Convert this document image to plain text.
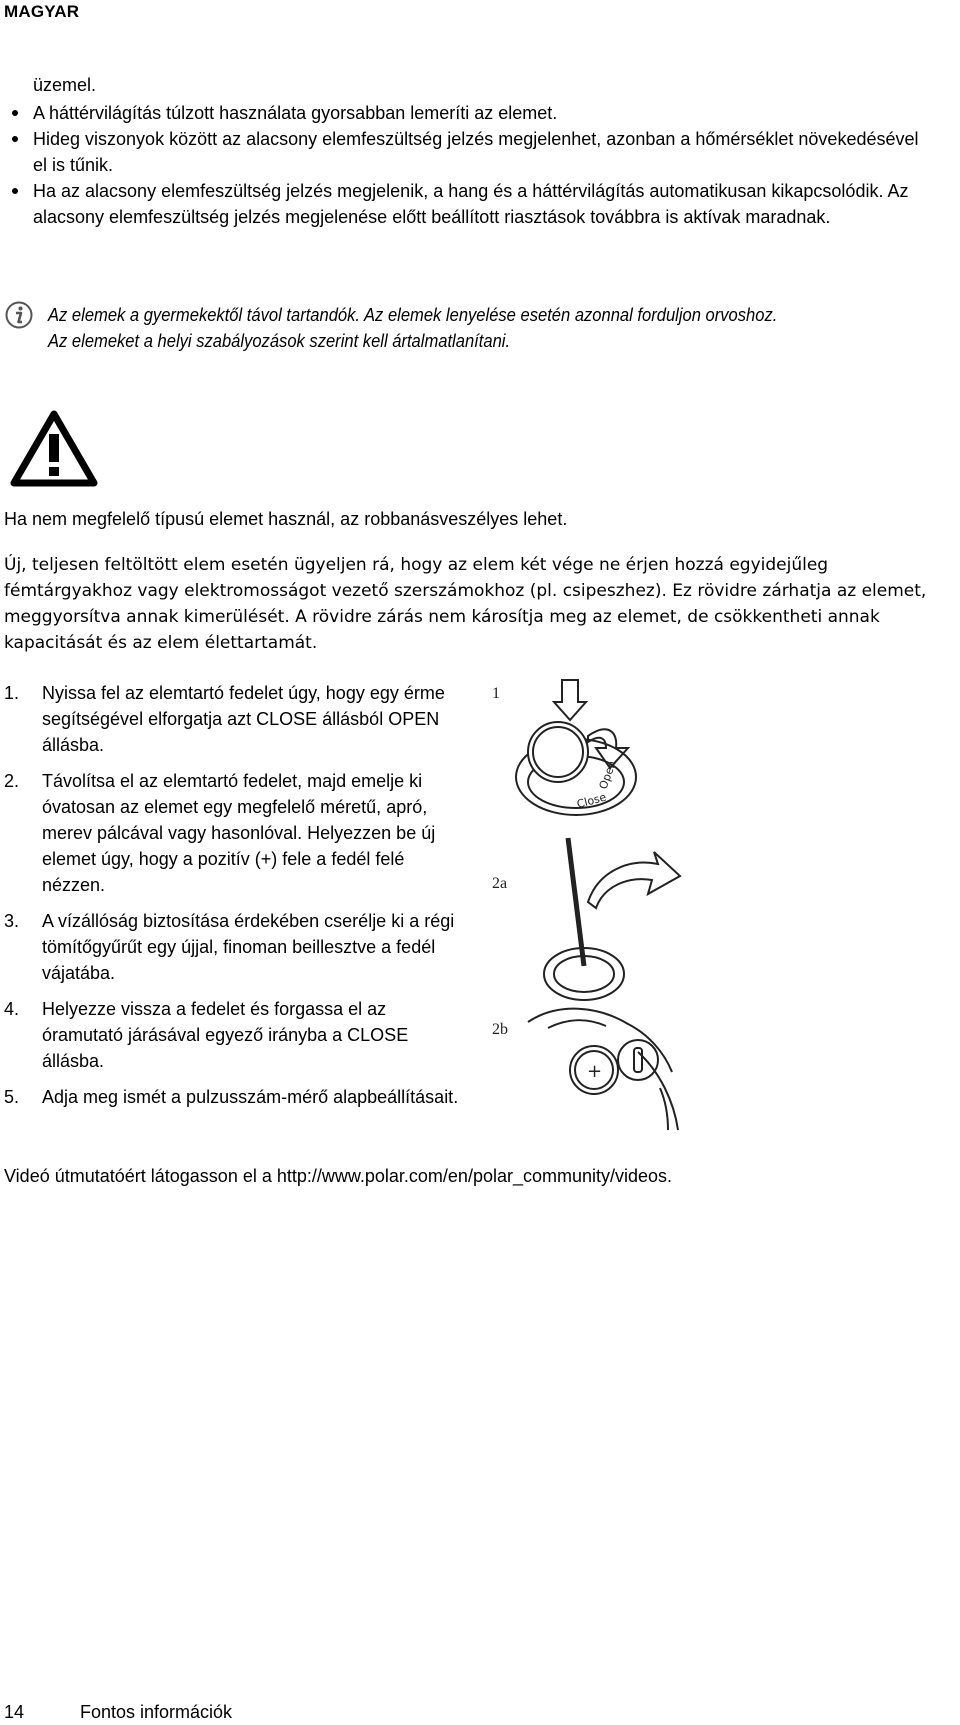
MAGYAR
üzemel.
A háttérvilágítás túlzott használata gyorsabban lemeríti az elemet.
Hideg viszonyok között az alacsony elemfeszültség jelzés megjelenhet, azonban a hőmérséklet növekedésével el is tűnik.
Ha az alacsony elemfeszültség jelzés megjelenik, a hang és a háttérvilágítás automatikusan kikapcsolódik. Az alacsony elemfeszültség jelzés megjelenése előtt beállított riasztások továbbra is aktívak maradnak.
Az elemek a gyermekektől távol tartandók. Az elemek lenyelése esetén azonnal forduljon orvoshoz.
Az elemeket a helyi szabályozások szerint kell ártalmatlanítani.
Ha nem megfelelő típusú elemet használ, az robbanásveszélyes lehet.
Új, teljesen feltöltött elem esetén ügyeljen rá, hogy az elem két vége ne érjen hozzá egyidejűleg fémtárgyakhoz vagy elektromosságot vezető szerszámokhoz (pl. csipeszhez). Ez rövidre zárhatja az elemet, meggyorsítva annak kimerülését. A rövidre zárás nem károsítja meg az elemet, de csökkentheti annak kapacitását és az elem élettartamát.
1. Nyissa fel az elemtartó fedelet úgy, hogy egy érme segítségével elforgatja azt CLOSE állásból OPEN állásba.
2. Távolítsa el az elemtartó fedelet, majd emelje ki óvatosan az elemet egy megfelelő méretű, apró, merev pálcával vagy hasonlóval. Helyezzen be új elemet úgy, hogy a pozitív (+) fele a fedél felé nézzen.
3. A vízállóság biztosítása érdekében cserélje ki a régi tömítőgyűrűt egy újjal, finoman beillesztve a fedél vájatába.
4. Helyezze vissza a fedelet és forgassa el az óramutató járásával egyező irányba a CLOSE állásba.
5. Adja meg ismét a pulzusszám-mérő alapbeállításait.
1
Close
Open
2a
2b
+
Videó útmutatóért látogasson el a http://www.polar.com/en/polar_community/videos.
14	Fontos információk
